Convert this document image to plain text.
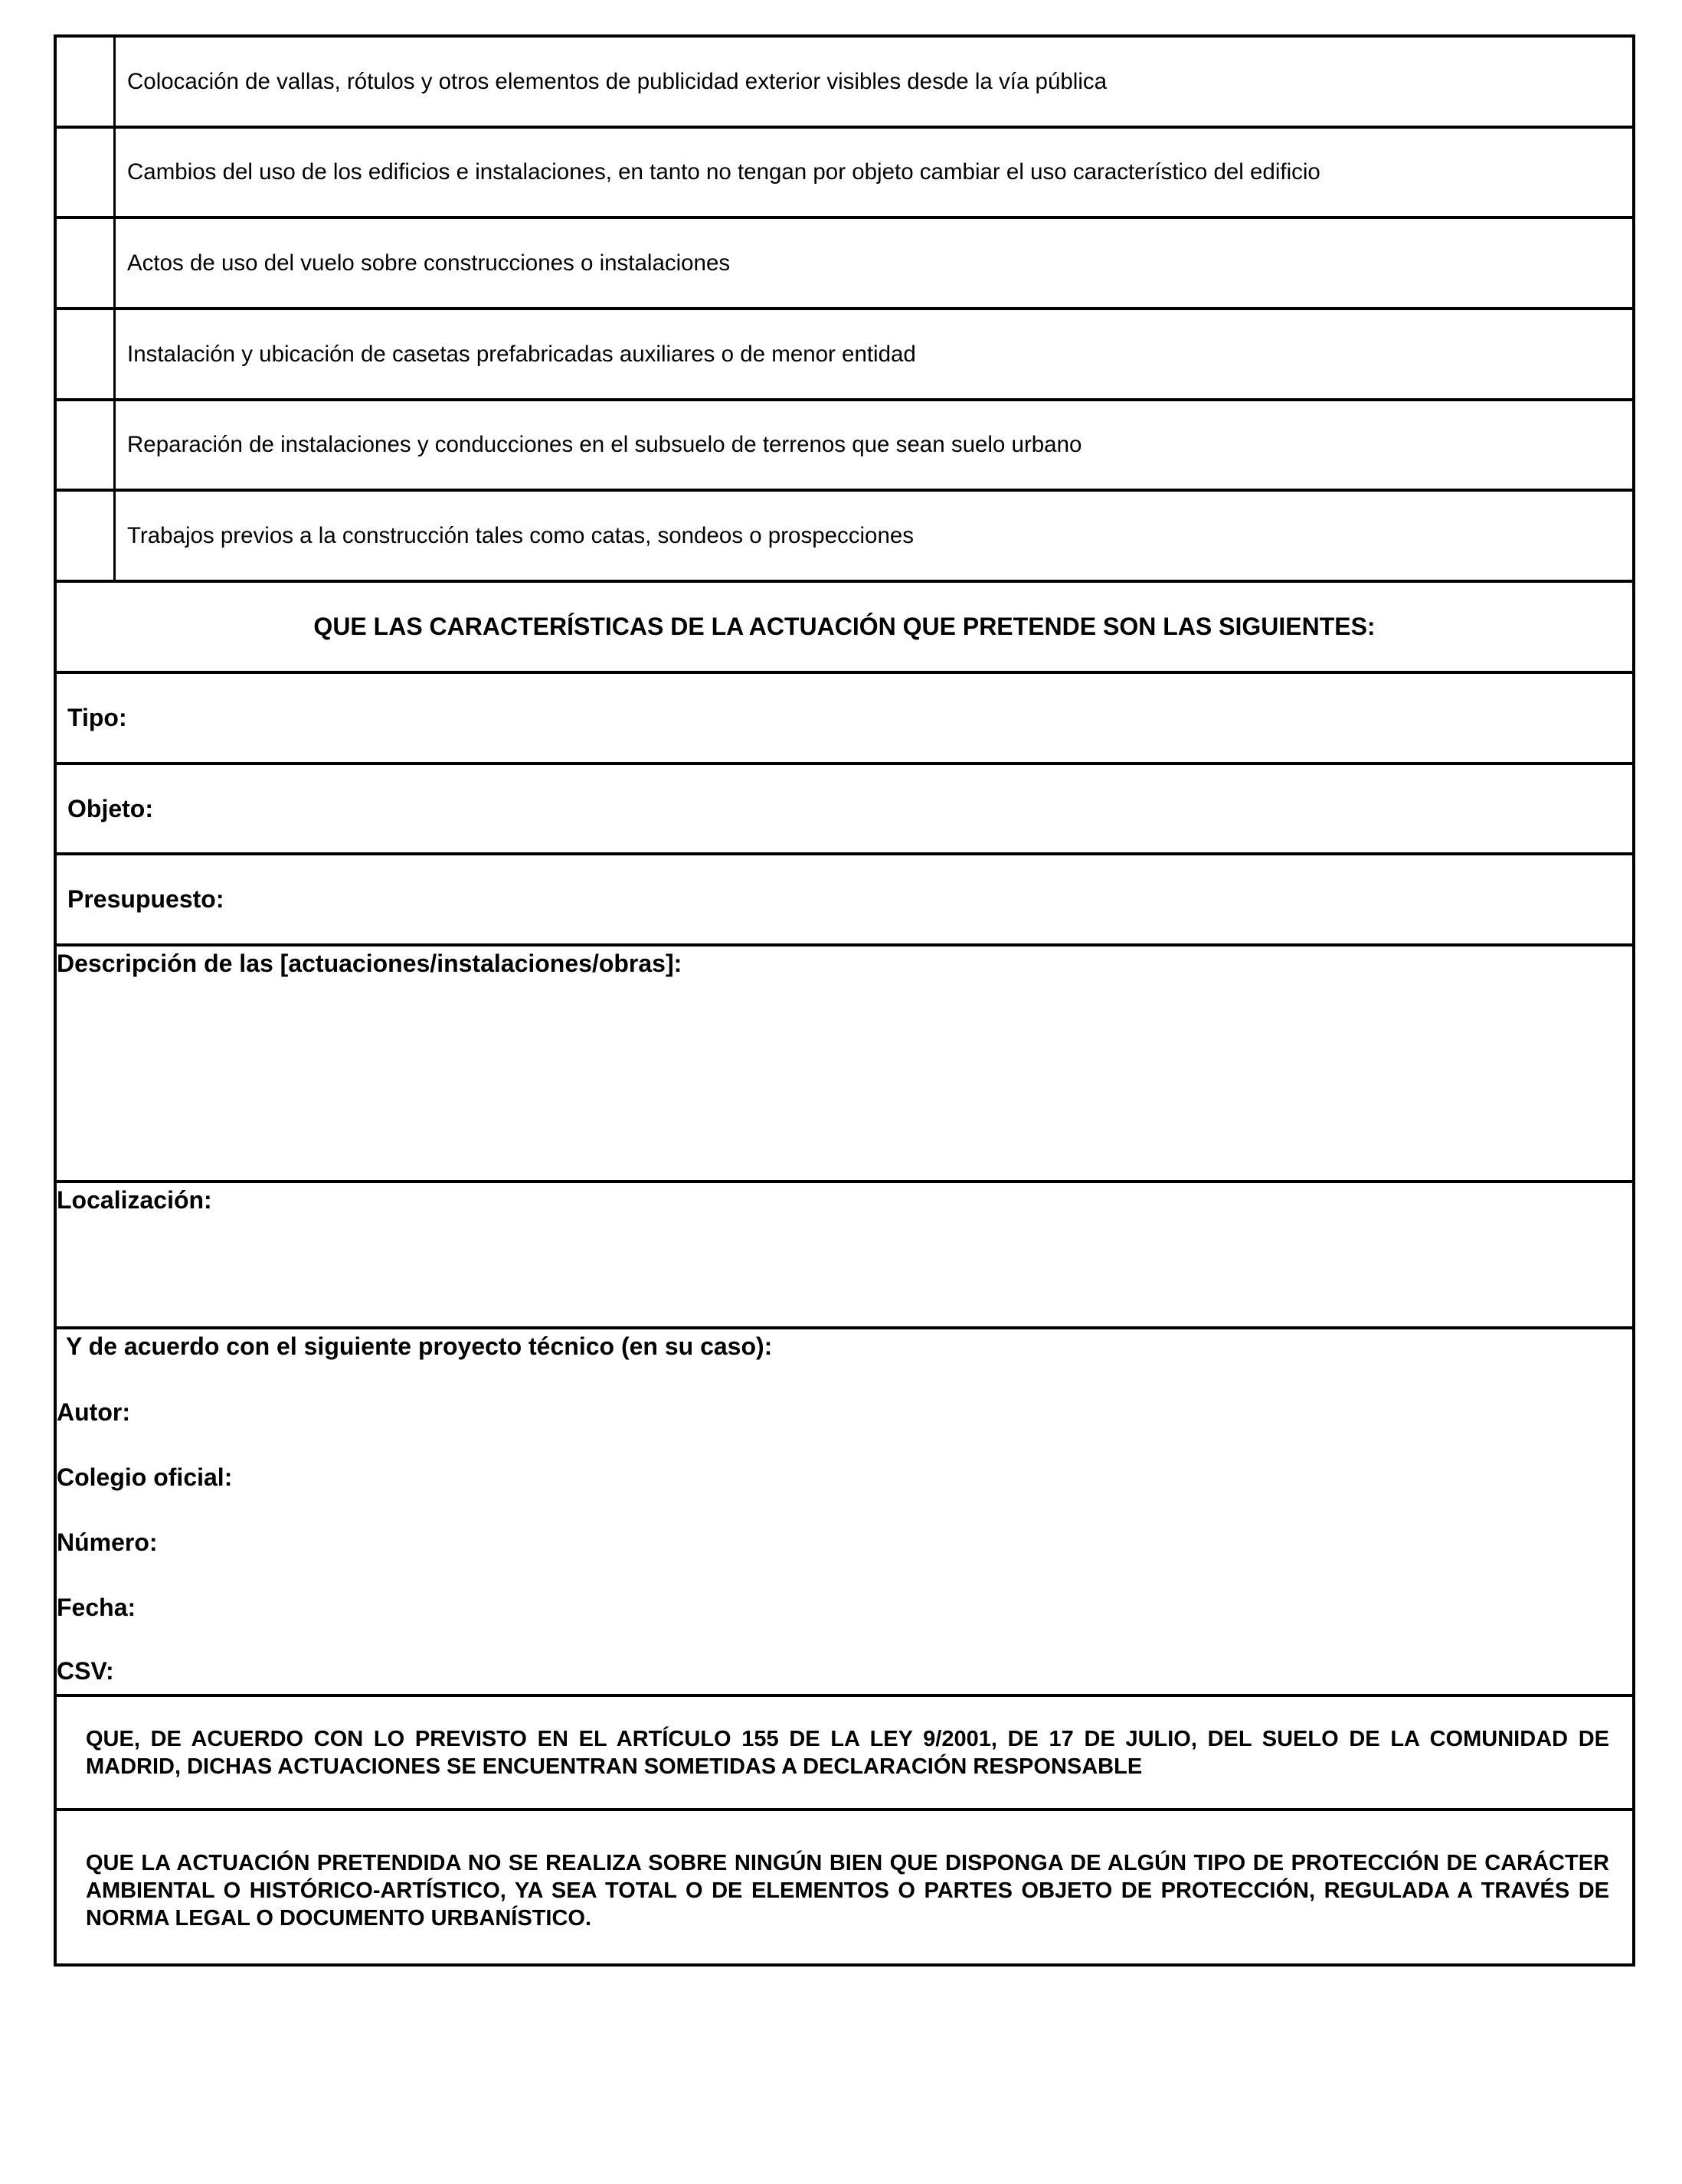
Colocación de vallas, rótulos y otros elementos de publicidad exterior visibles desde la vía pública
Cambios del uso de los edificios e instalaciones, en tanto no tengan por objeto cambiar el uso característico del edificio
Actos de uso del vuelo sobre construcciones o instalaciones
Instalación y ubicación de casetas prefabricadas auxiliares o de menor entidad
Reparación de instalaciones y conducciones en el subsuelo de terrenos que sean suelo urbano
Trabajos previos a la construcción tales como catas, sondeos o prospecciones
QUE LAS CARACTERÍSTICAS DE LA ACTUACIÓN QUE PRETENDE SON LAS SIGUIENTES:
Tipo:
Objeto:
Presupuesto:
Descripción de las [actuaciones/instalaciones/obras]:
Localización:
Y de acuerdo con el siguiente proyecto técnico (en su caso):
Autor:
Colegio oficial:
Número:
Fecha:
CSV:
QUE, DE ACUERDO CON LO PREVISTO EN EL ARTÍCULO 155 DE LA LEY 9/2001, DE 17 DE JULIO, DEL SUELO DE LA COMUNIDAD DE MADRID, DICHAS ACTUACIONES SE ENCUENTRAN SOMETIDAS A DECLARACIÓN RESPONSABLE
QUE LA ACTUACIÓN PRETENDIDA NO SE REALIZA SOBRE NINGÚN BIEN QUE DISPONGA DE ALGÚN TIPO DE PROTECCIÓN DE CARÁCTER AMBIENTAL O HISTÓRICO-ARTÍSTICO, YA SEA TOTAL O DE ELEMENTOS O PARTES OBJETO DE PROTECCIÓN, REGULADA A TRAVÉS DE NORMA LEGAL O DOCUMENTO URBANÍSTICO.
